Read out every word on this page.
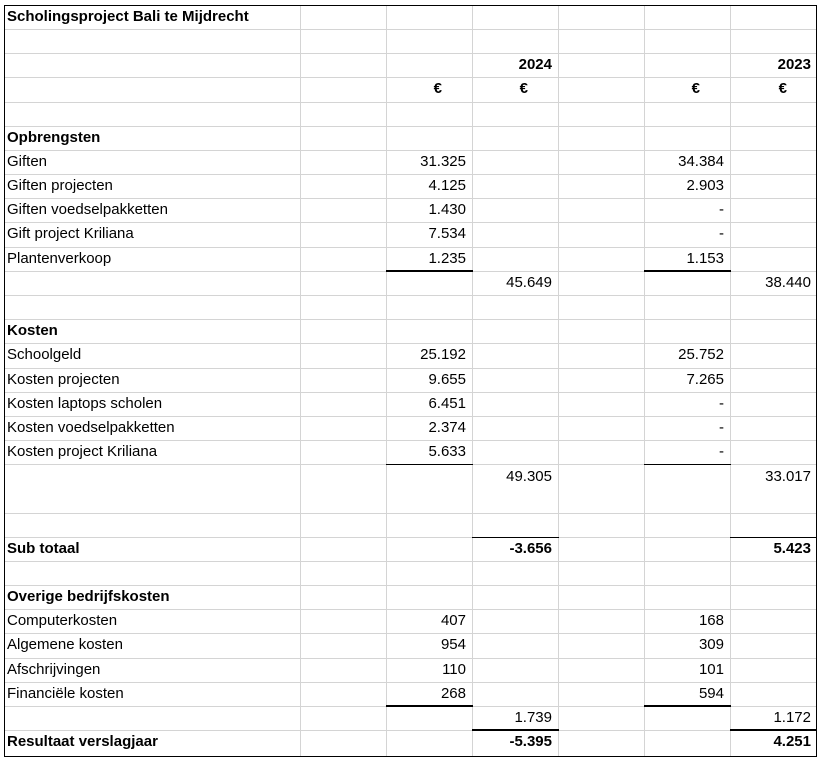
Scholingsproject Bali te Mijdrecht
2024	2023
€	€	€	€
Opbrengsten
Giften	31.325	34.384
Giften projecten	4.125	2.903
Giften voedselpakketten	1.430	-
Gift project Kriliana	7.534	-
Plantenverkoop	1.235	1.153
45.649	38.440
Kosten
Schoolgeld	25.192	25.752
Kosten projecten	9.655	7.265
Kosten laptops scholen	6.451	-
Kosten voedselpakketten	2.374	-
Kosten project Kriliana	5.633	-
49.305	33.017
Sub totaal	-3.656	5.423
Overige bedrijfskosten
Computerkosten	407	168
Algemene kosten	954	309
Afschrijvingen	110	101
Financiële kosten	268	594
1.739	1.172
Resultaat verslagjaar	-5.395	4.251
